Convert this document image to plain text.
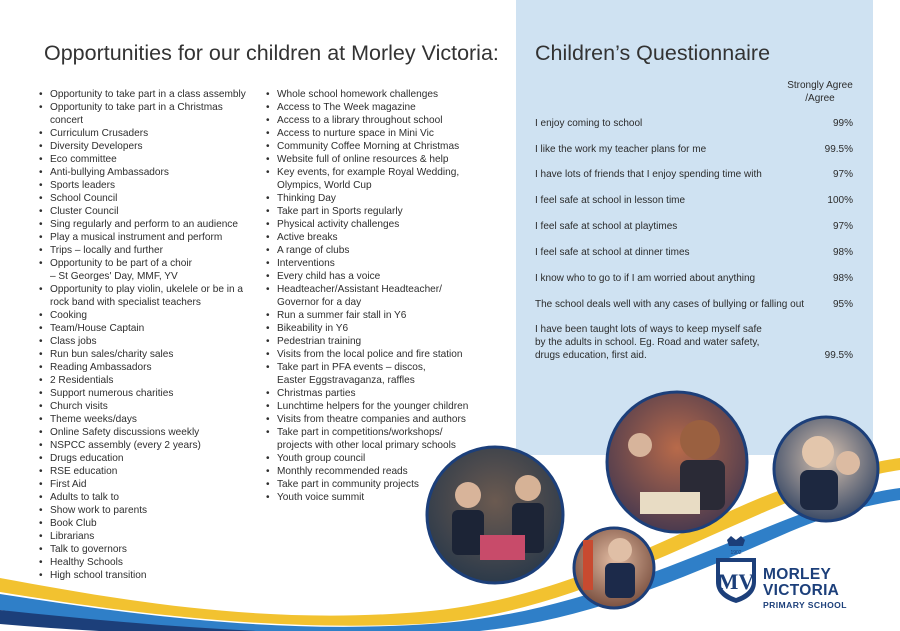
Opportunities for our children at Morley Victoria: Children’s Questionnaire
• Opportunity to take part in a class assembly
• Opportunity to take part in a Christmas concert
• Curriculum Crusaders
• Diversity Developers
• Eco committee
• Anti-bullying Ambassadors
• Sports leaders
• School Council
• Cluster Council
• Sing regularly and perform to an audience
• Play a musical instrument and perform
• Trips – locally and further
• Opportunity to be part of a choir
– St Georges' Day, MMF, YV
• Opportunity to play violin, ukelele or be in a rock band with specialist teachers
• Cooking
• Team/House Captain
• Class jobs
• Run bun sales/charity sales
• Reading Ambassadors
• 2 Residentials
• Support numerous charities
• Church visits
• Theme weeks/days
• Online Safety discussions weekly
• NSPCC assembly (every 2 years)
• Drugs education
• RSE education
• First Aid
• Adults to talk to
• Show work to parents
• Book Club
• Librarians
• Talk to governors
• Healthy Schools
• High school transition
• Whole school homework challenges
• Access to The Week magazine
• Access to a library throughout school
• Access to nurture space in Mini Vic
• Community Coffee Morning at Christmas
• Website full of online resources & help
• Key events, for example Royal Wedding, Olympics, World Cup
• Thinking Day
• Take part in Sports regularly
• Physical activity challenges
• Active breaks
• A range of clubs
• Interventions
• Every child has a voice
• Headteacher/Assistant Headteacher/ Governor for a day
• Run a summer fair stall in Y6
• Bikeability in Y6
• Pedestrian training
• Visits from the local police and fire station
• Take part in PFA events – discos,
Easter Eggstravaganza, raffles
• Christmas parties
• Lunchtime helpers for the younger children
• Visits from theatre companies and authors
• Take part in competitions/workshops/ projects with other local primary schools
• Youth group council
• Monthly recommended reads
• Take part in community projects
• Youth voice summit
Strongly Agree
/Agree
I enjoy coming to school	99%
I like the work my teacher plans for me	99.5%
I have lots of friends that I enjoy spending time with	97%
I feel safe at school in lesson time	100%
I feel safe at school at playtimes	97%
I feel safe at school at dinner times	98%
I know who to go to if I am worried about anything	98%
The school deals well with any cases of bullying or falling out	95%
I have been taught lots of ways to keep myself safe
by the adults in school. Eg. Road and water safety,
drugs education, first aid.	99.5%
1902
MV MORLEY
VICTORIA
PRIMARY SCHOOL
